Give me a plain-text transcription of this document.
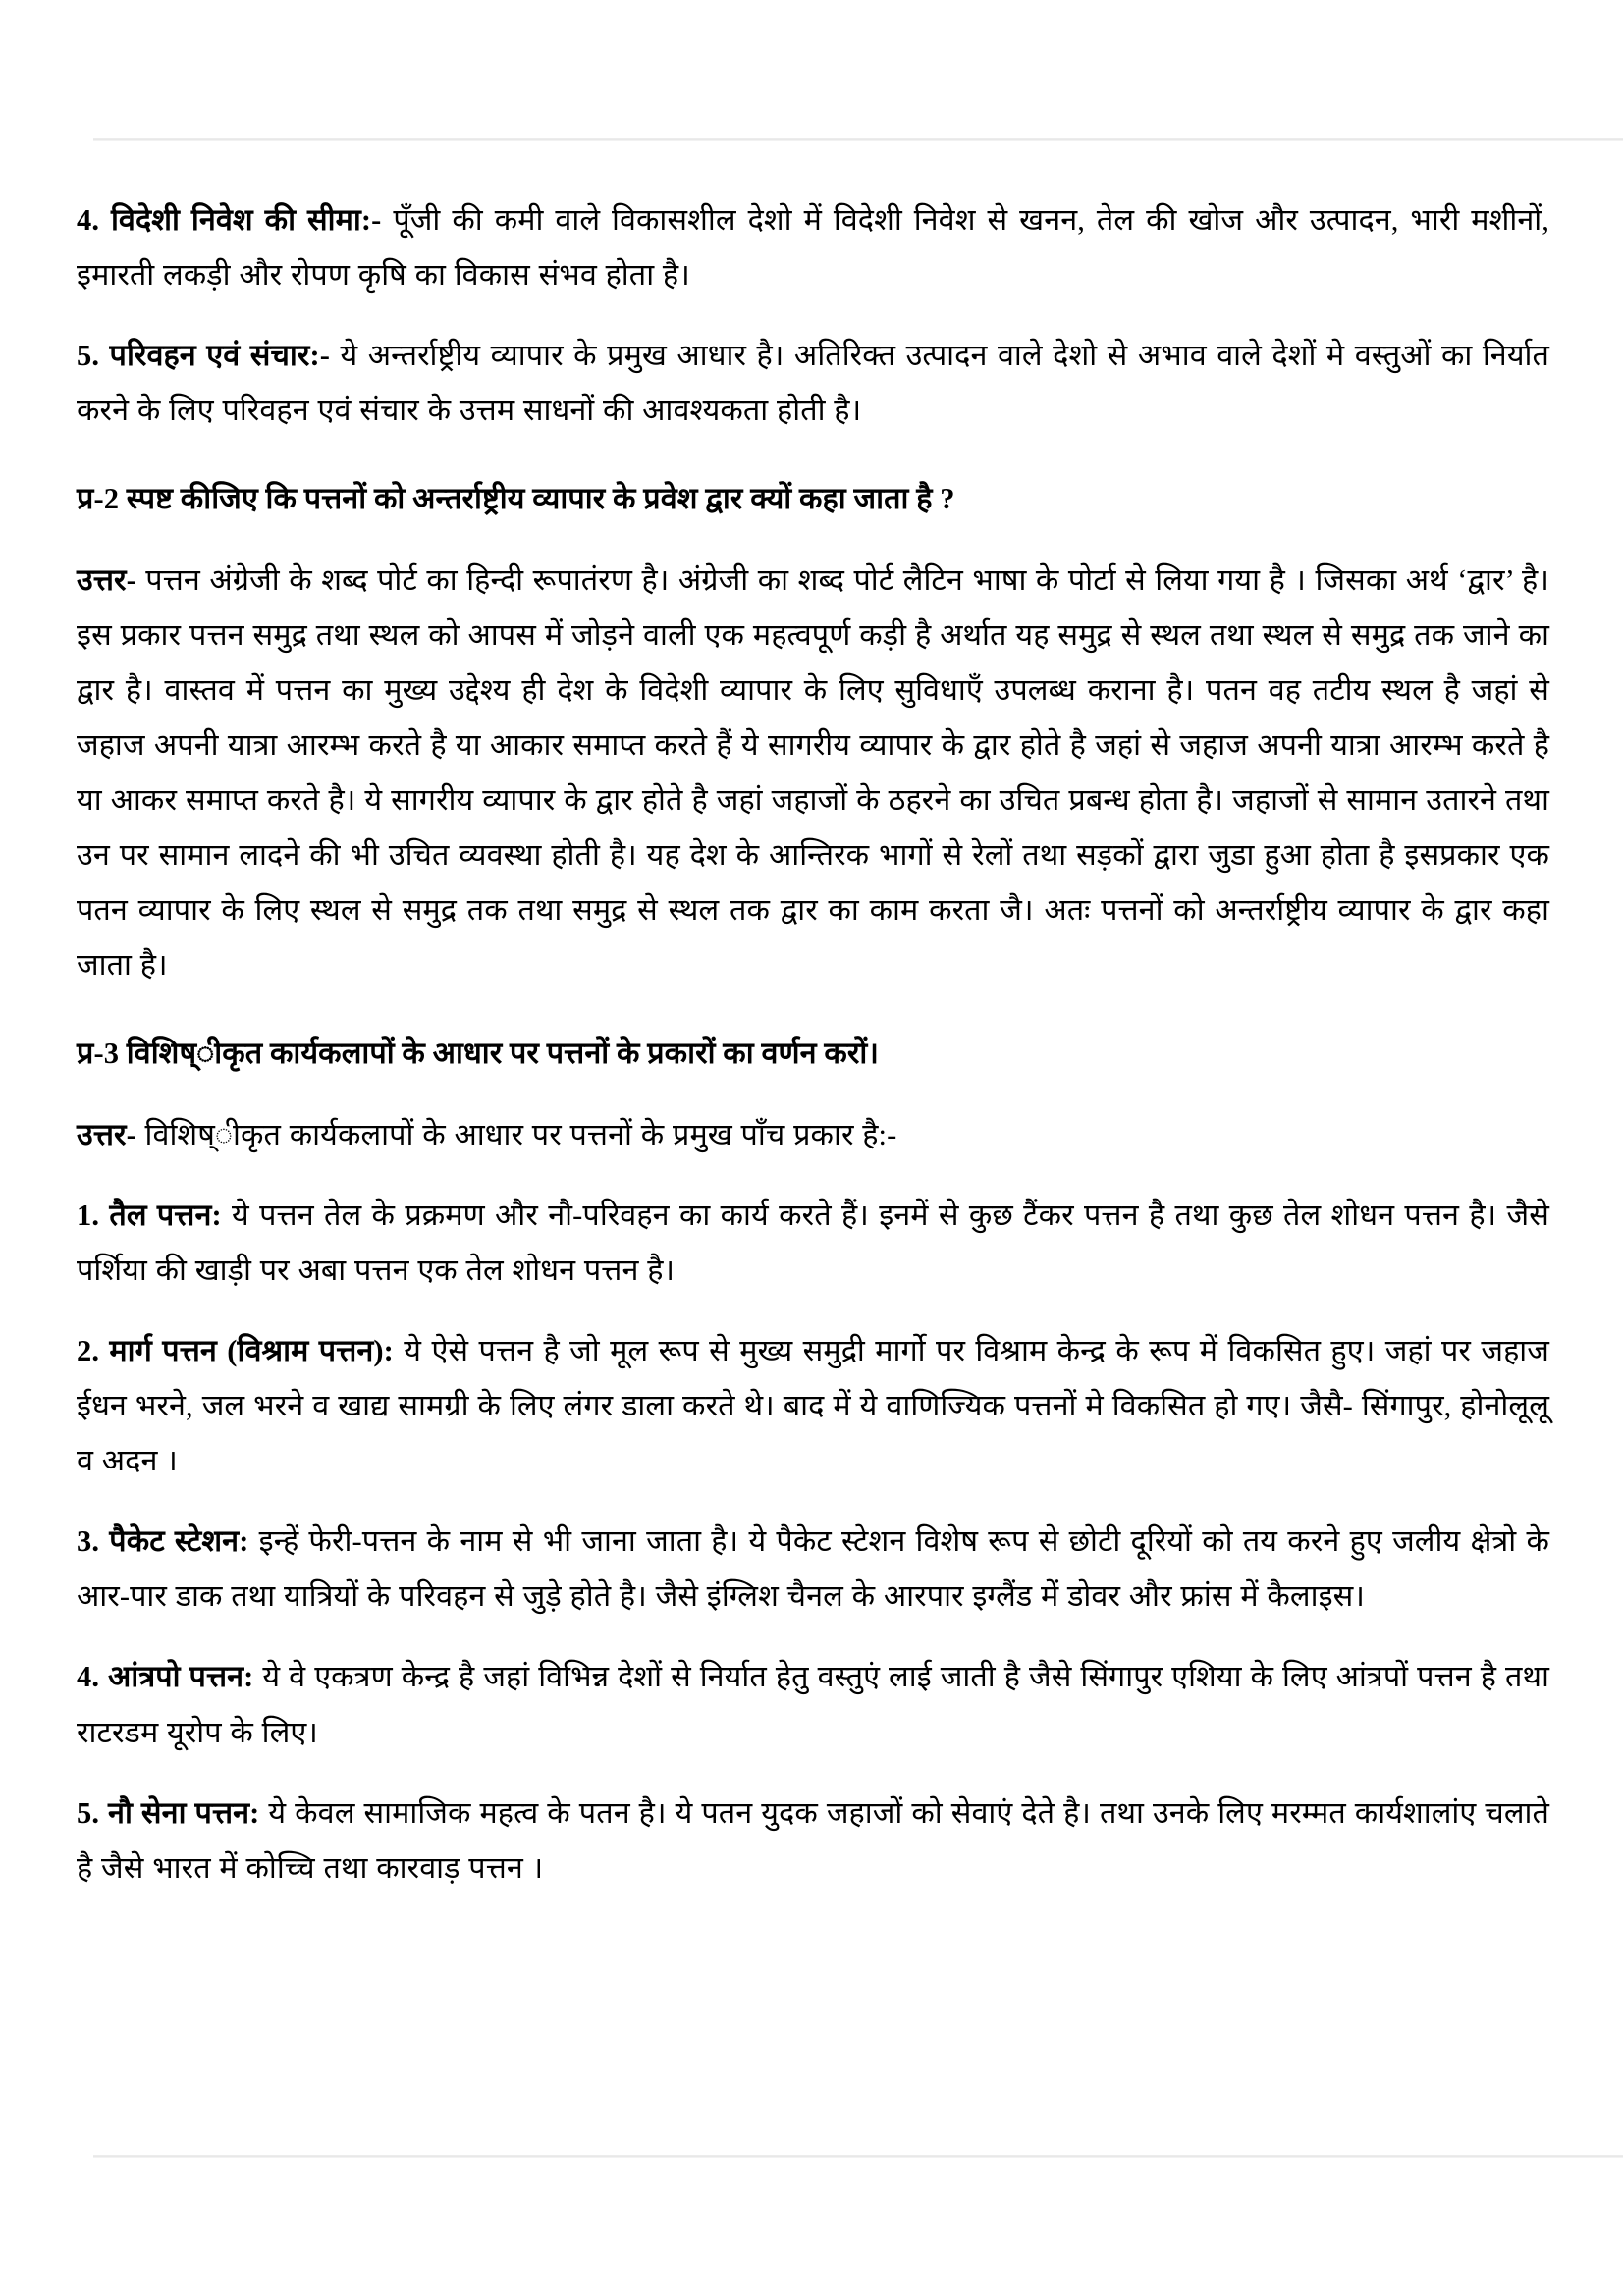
4. विदेशी निवेश की सीमा:- पूँजी की कमी वाले विकासशील देशो में विदेशी निवेश से खनन, तेल की खोज और उत्पादन, भारी मशीनों, इमारती लकड़ी और रोपण कृषि का विकास संभव होता है।

5. परिवहन एवं संचार:- ये अन्तर्राष्ट्रीय व्यापार के प्रमुख आधार है। अतिरिक्त उत्पादन वाले देशो से अभाव वाले देशों मे वस्तुओं का निर्यात करने के लिए परिवहन एवं संचार के उत्तम साधनों की आवश्यकता होती है।

प्र-2 स्पष्ट कीजिए कि पत्तनों को अन्तर्राष्ट्रीय व्यापार के प्रवेश द्वार क्यों कहा जाता है ?

उत्तर- पत्तन अंग्रेजी के शब्द पोर्ट का हिन्दी रूपातंरण है। अंग्रेजी का शब्द पोर्ट लैटिन भाषा के पोर्टा से लिया गया है । जिसका अर्थ ‘द्वार’ है। इस प्रकार पत्तन समुद्र तथा स्थल को आपस में जोड़ने वाली एक महत्वपूर्ण कड़ी है अर्थात यह समुद्र से स्थल तथा स्थल से समुद्र तक जाने का द्वार है। वास्तव में पत्तन का मुख्य उद्देश्य ही देश के विदेशी व्यापार के लिए सुविधाएँ उपलब्ध कराना है। पतन वह तटीय स्थल है जहां से जहाज अपनी यात्रा आरम्भ करते है या आकार समाप्त करते हैं ये सागरीय व्यापार के द्वार होते है जहां से जहाज अपनी यात्रा आरम्भ करते है या आकर समाप्त करते है। ये सागरीय व्यापार के द्वार होते है जहां जहाजों के ठहरने का उचित प्रबन्ध होता है। जहाजों से सामान उतारने तथा उन पर सामान लादने की भी उचित व्यवस्था होती है। यह देश के आन्तिरक भागों से रेलों तथा सड़कों द्वारा जुडा हुआ होता है इसप्रकार एक पतन व्यापार के लिए स्थल से समुद्र तक तथा समुद्र से स्थल तक द्वार का काम करता जै। अतः पत्तनों को अन्तर्राष्ट्रीय व्यापार के द्वार कहा जाता है।

प्र-3 विशिष्ीकृत कार्यकलापों के आधार पर पत्तनों के प्रकारों का वर्णन करों।

उत्तर- विशिष्ीकृत कार्यकलापों के आधार पर पत्तनों के प्रमुख पाँच प्रकार है:-

1. तैल पत्तन: ये पत्तन तेल के प्रक्रमण और नौ-परिवहन का कार्य करते हैं। इनमें से कुछ टैंकर पत्तन है तथा कुछ तेल शोधन पत्तन है। जैसे पर्शिया की खाड़ी पर अबा पत्तन एक तेल शोधन पत्तन है।

2. मार्ग पत्तन (विश्राम पत्तन): ये ऐसे पत्तन है जो मूल रूप से मुख्य समुद्री मार्गो पर विश्राम केन्द्र के रूप में विकसित हुए। जहां पर जहाज ईधन भरने, जल भरने व खाद्य सामग्री के लिए लंगर डाला करते थे। बाद में ये वाणिज्यिक पत्तनों मे विकसित हो गए। जैसै- सिंगापुर, होनोलूलू व अदन ।

3. पैकेट स्टेशन: इन्हें फेरी-पत्तन के नाम से भी जाना जाता है। ये पैकेट स्टेशन विशेष रूप से छोटी दूरियों को तय करने हुए जलीय क्षेत्रो के आर-पार डाक तथा यात्रियों के परिवहन से जुड़े होते है। जैसे इंग्लिश चैनल के आरपार इग्लैंड में डोवर और फ्रांस में कैलाइस।

4. आंत्रपो पत्तन: ये वे एकत्रण केन्द्र है जहां विभिन्न देशों से निर्यात हेतु वस्तुएं लाई जाती है जैसे सिंगापुर एशिया के लिए आंत्रपों पत्तन है तथा राटरडम यूरोप के लिए।

5. नौ सेना पत्तन: ये केवल सामाजिक महत्व के पतन है। ये पतन युदक जहाजों को सेवाएं देते है। तथा उनके लिए मरम्मत कार्यशालांए चलाते है जैसे भारत में कोच्चि तथा कारवाड़ पत्तन ।
